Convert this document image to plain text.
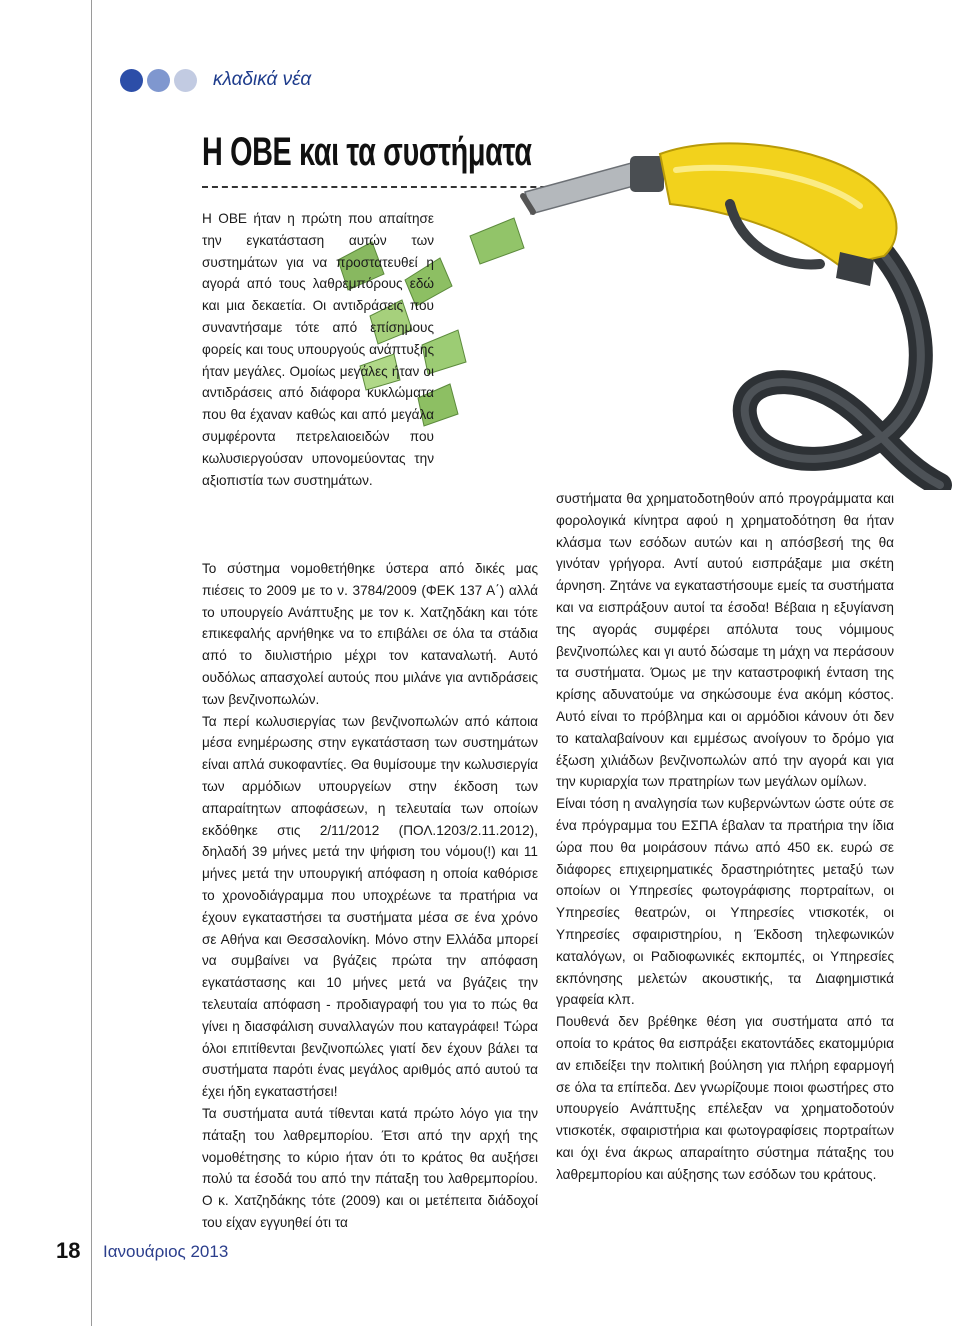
κλαδικά νέα
Η ΟΒΕ και τα συστήματα

Η ΟΒΕ ήταν η πρώτη που απαίτησε την εγκατάσταση αυτών των συστημάτων για να προστατευθεί η αγορά από τους λαθρεμπόρους εδώ και μια δεκαετία. Οι αντιδράσεις που συναντήσαμε τότε από επίσημους φορείς και τους υπουργούς ανάπτυξης ήταν μεγάλες. Ομοίως μεγάλες ήταν οι αντιδράσεις από διάφορα κυκλώματα που θα έχαναν καθώς και από μεγάλα συμφέροντα πετρελαιοειδών που κωλυσιεργούσαν υπονομεύοντας την αξιοπιστία των συστημάτων.

Το σύστημα νομοθετήθηκε ύστερα από δικές μας πιέσεις το 2009 με το ν. 3784/2009 (ΦΕΚ 137 Α΄) αλλά το υπουργείο Ανάπτυξης με τον κ. Χατζηδάκη και τότε επικεφαλής αρνήθηκε να το επιβάλει σε όλα τα στάδια από το διυλιστήριο μέχρι τον καταναλωτή. Αυτό ουδόλως απασχολεί αυτούς που μιλάνε για αντιδράσεις των βενζινοπωλών.

Τα περί κωλυσιεργίας των βενζινοπωλών από κάποια μέσα ενημέρωσης στην εγκατάσταση των συστημάτων είναι απλά συκοφαντίες. Θα θυμίσουμε την κωλυσιεργία των αρμόδιων υπουργείων στην έκδοση των απαραίτητων αποφάσεων, η τελευταία των οποίων εκδόθηκε στις 2/11/2012 (ΠΟΛ.1203/2.11.2012), δηλαδή 39 μήνες μετά την ψήφιση του νόμου(!) και 11 μήνες μετά την υπουργική απόφαση η οποία καθόρισε το χρονοδιάγραμμα που υποχρέωνε τα πρατήρια να έχουν εγκαταστήσει τα συστήματα μέσα σε ένα χρόνο σε Αθήνα και Θεσσαλονίκη. Μόνο στην Ελλάδα μπορεί να συμβαίνει να βγάζεις πρώτα την απόφαση εγκατάστασης και 10 μήνες μετά να βγάζεις την τελευταία απόφαση - προδιαγραφή του για το πώς θα γίνει η διασφάλιση συναλλαγών που καταγράφει! Τώρα όλοι επιτίθενται βενζινοπώλες γιατί δεν έχουν βάλει τα συστήματα παρότι ένας μεγάλος αριθμός από αυτού τα έχει ήδη εγκαταστήσει!

Τα συστήματα αυτά τίθενται κατά πρώτο λόγο για την πάταξη του λαθρεμπορίου. Έτσι από την αρχή της νομοθέτησης το κύριο ήταν ότι το κράτος θα αυξήσει πολύ τα έσοδά του από την πάταξη του λαθρεμπορίου. Ο κ. Χατζηδάκης τότε (2009) και οι μετέπειτα διάδοχοί του είχαν εγγυηθεί ότι τα

συστήματα θα χρηματοδοτηθούν από προγράμματα και φορολογικά κίνητρα αφού η χρηματοδότηση θα ήταν κλάσμα των εσόδων αυτών και η απόσβεσή της θα γινόταν γρήγορα. Αντί αυτού εισπράξαμε μια σκέτη άρνηση. Ζητάνε να εγκαταστήσουμε εμείς τα συστήματα και να εισπράξουν αυτοί τα έσοδα! Βέβαια η εξυγίανση της αγοράς συμφέρει απόλυτα τους νόμιμους βενζινοπώλες και γι αυτό δώσαμε τη μάχη να περάσουν τα συστήματα. Όμως με την καταστροφική ένταση της κρίσης αδυνατούμε να σηκώσουμε ένα ακόμη κόστος. Αυτό είναι το πρόβλημα και οι αρμόδιοι κάνουν ότι δεν το καταλαβαίνουν και εμμέσως ανοίγουν το δρόμο για έξωση χιλιάδων βενζινοπωλών από την αγορά και για την κυριαρχία των πρατηρίων των μεγάλων ομίλων.

Είναι τόση η αναλγησία των κυβερνώντων ώστε ούτε σε ένα πρόγραμμα του ΕΣΠΑ έβαλαν τα πρατήρια την ίδια ώρα που θα μοιράσουν πάνω από 450 εκ. ευρώ σε διάφορες επιχειρηματικές δραστηριότητες μεταξύ των οποίων οι Υπηρεσίες φωτογράφισης πορτραίτων, οι Υπηρεσίες θεατρών, οι Υπηρεσίες ντισκοτέκ, οι Υπηρεσίες σφαιριστηρίου, η Έκδοση τηλεφωνικών καταλόγων, οι Ραδιοφωνικές εκπομπές, οι Υπηρεσίες εκπόνησης μελετών ακουστικής, τα Διαφημιστικά γραφεία κλπ.

Πουθενά δεν βρέθηκε θέση για συστήματα από τα οποία το κράτος θα εισπράξει εκατοντάδες εκατομμύρια αν επιδείξει την πολιτική βούληση για πλήρη εφαρμογή σε όλα τα επίπεδα. Δεν γνωρίζουμε ποιοι φωστήρες στο υπουργείο Ανάπτυξης επέλεξαν να χρηματοδοτούν ντισκοτέκ, σφαιριστήρια και φωτογραφίσεις πορτραίτων και όχι ένα άκρως απαραίτητο σύστημα πάταξης του λαθρεμπορίου και αύξησης των εσόδων του κράτους.

18 Ιανουάριος 2013
